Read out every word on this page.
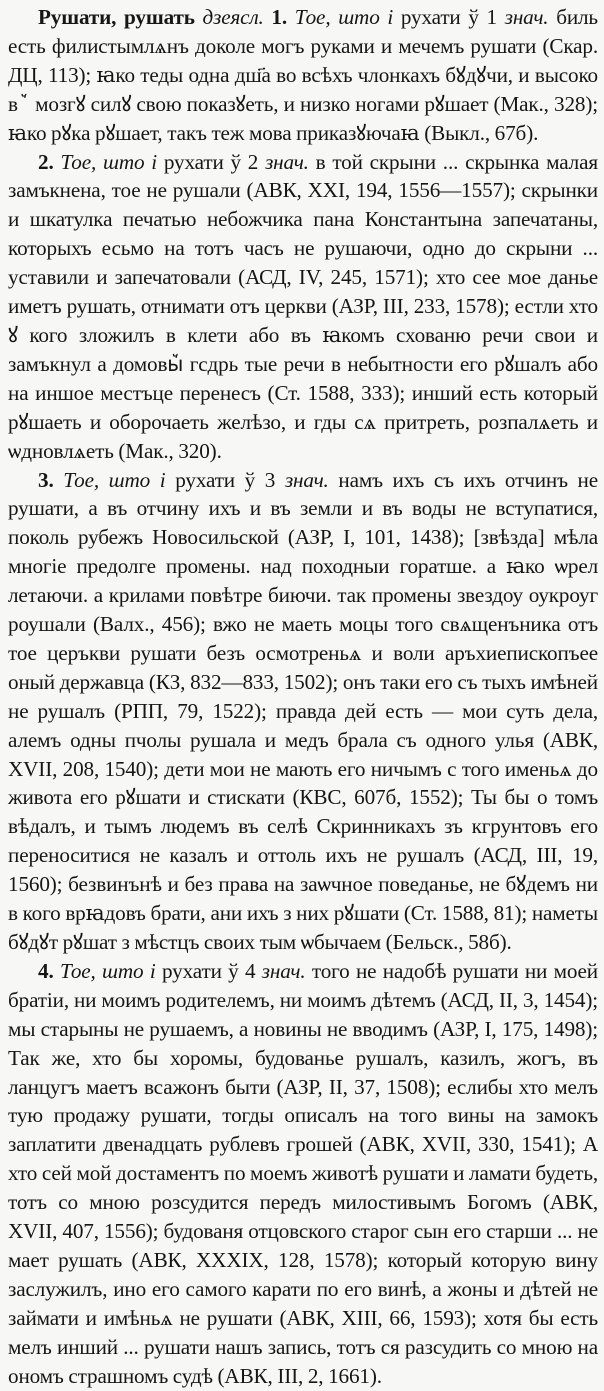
Рушати, рушать дзеясл. 1. Тое, што і рухати ў 1 знач. биль есть филистымлѧнъ доколе могъ руками и мечемъ рушати (Скар. ДЦ, 113); ꙗко теды одна дш҃а во всѣхъ члонкахъ бꙋдꙋчи, и высоко вꙿ мозгꙋ силꙋ свою показꙋеть, и низко ногами рꙋшает (Мак., 328); ꙗко рꙋка рꙋшает, такъ теж мова приказꙋючаꙗ (Выкл., 67б).

2. Тое, што і рухати ў 2 знач. в той скрыни ... скрынка малая замъкнена, тое не рушали (АВК, XXI, 194, 1556—1557); скрынки и шкатулка печатью небожчика пана Константына запечатаны, которыхъ есьмо на тотъ часъ не рушаючи, одно до скрыни ... уставили и запечатовали (АСД, IV, 245, 1571); хто сее мое данье иметъ рушать, отнимати отъ церкви (АЗР, III, 233, 1578); естли хто ꙋ кого зложилъ в клети або въ ꙗкомъ схованю речи свои и замъкнул а домовы꙽ гсдрь тые речи в небытности его рꙋшалъ або на иншое местъце перенесъ (Ст. 1588, 333); инший есть который рꙋшаеть и оборочаеть желѣзо, и гды сѧ притреть, розпалѧеть и ѡдновлѧеть (Мак., 320).

3. Тое, што і рухати ў 3 знач. намъ ихъ съ ихъ отчинъ не рушати, а въ отчину ихъ и въ земли и въ воды не вступатися, поколь рубежъ Новосильской (АЗР, I, 101, 1438); [звѣзда] мѣла многіе предолге промены. над походныи горатше. а ꙗко ѡрел летаючи. а крилами повѣтре биючи. так промены звездоу оукроуг роушали (Валх., 456); вжо не маеть моцы того свѧщенъника отъ тое церъкви рушати безъ осмотреньѧ и воли аръхиепископъее оный державца (КЗ, 832—833, 1502); онъ таки его съ тыхъ имѣней не рушалъ (РПП, 79, 1522); правда дей есть — мои суть дела, алемъ одны пчолы рушала и медъ брала съ одного улья (АВК, XVII, 208, 1540); дети мои не мають его ничымъ с того именьѧ до живота его рꙋшати и стискати (КВС, 607б, 1552); Ты бы о томъ вѣдалъ, и тымъ людемъ въ селѣ Скринникахъ зъ кгрунтовъ его переноситися не казалъ и оттоль ихъ не рушалъ (АСД, III, 19, 1560); безвинънѣ и без права на заѡчное поведанье, не бꙋдемъ ни в кого врꙗдовъ брати, ани ихъ з них рꙋшати (Ст. 1588, 81); наметы бꙋдꙋт рꙋшат з мѣстцъ своих тым ѡбычаем (Бельск., 58б).

4. Тое, што і рухати ў 4 знач. того не надобѣ рушати ни моей братіи, ни моимъ родителемъ, ни моимъ дѣтемъ (АСД, II, 3, 1454); мы старыны не рушаемъ, а новины не вводимъ (АЗР, I, 175, 1498); Так же, хто бы хоромы, будованье рушалъ, казилъ, жогъ, въ ланцугъ маетъ всажонъ быти (АЗР, II, 37, 1508); еслибы хто мелъ тую продажу рушати, тогды описалъ на того вины на замокъ заплатити двенадцать рублевъ грошей (АВК, XVII, 330, 1541); А хто сей мой достаментъ по моемъ животѣ рушати и ламати будеть, тотъ со мною розсудится передъ милостивымъ Богомъ (АВК, XVII, 407, 1556); будованя отцовского старог сын его старши ... не мает рушать (АВК, XXXIX, 128, 1578); который которую вину заслужилъ, ино его самого карати по его винѣ, а жоны и дѣтей не займати и имѣньѧ не рушати (АВК, XIII, 66, 1593); хотя бы есть мелъ инший ... рушати нашъ запись, тотъ ся разсудить со мною на ономъ страшномъ судѣ (АВК, III, 2, 1661).
